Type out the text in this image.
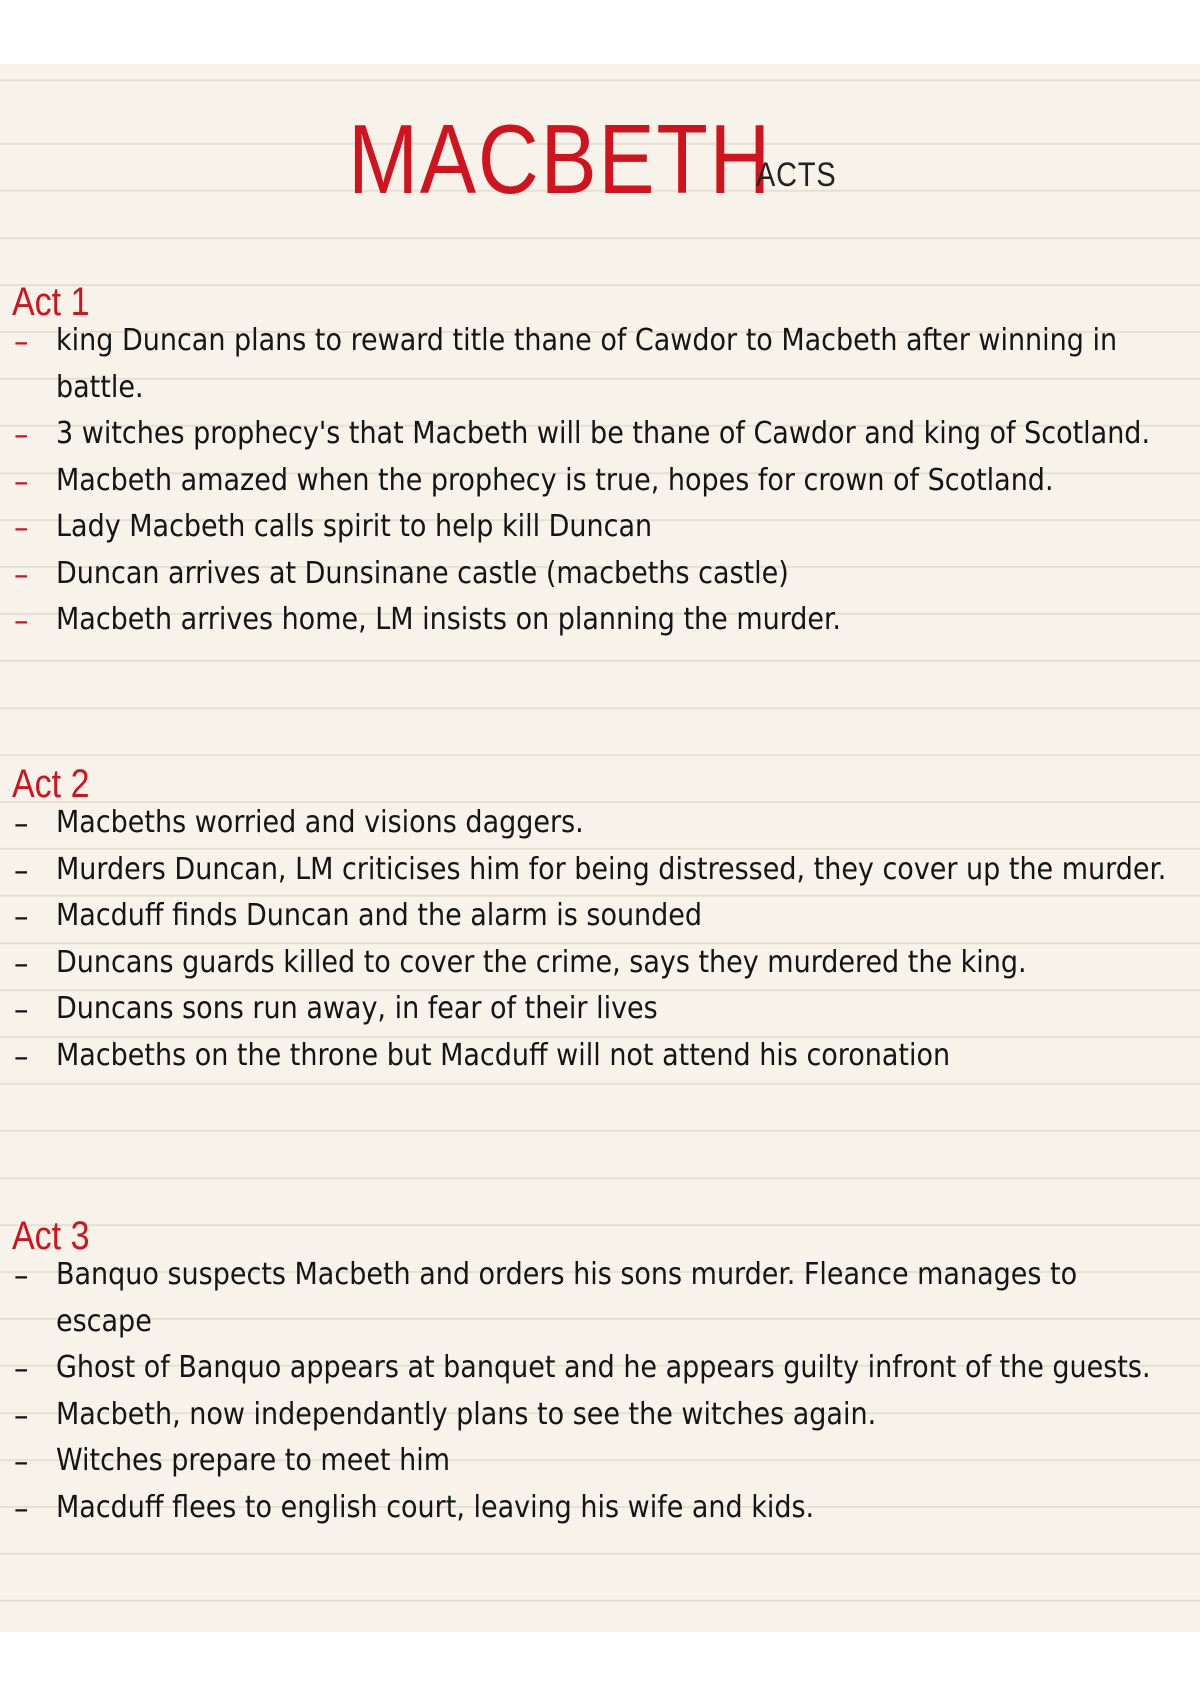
MACBETH
ACTS
Act 1
– king Duncan plans to reward title thane of Cawdor to Macbeth after winning in battle.
– 3 witches prophecy's that Macbeth will be thane of Cawdor and king of Scotland.
– Macbeth amazed when the prophecy is true, hopes for crown of Scotland.
– Lady Macbeth calls spirit to help kill Duncan
– Duncan arrives at Dunsinane castle (macbeths castle)
– Macbeth arrives home, LM insists on planning the murder.
Act 2
– Macbeths worried and visions daggers.
– Murders Duncan, LM criticises him for being distressed, they cover up the murder.
– Macduff finds Duncan and the alarm is sounded
– Duncans guards killed to cover the crime, says they murdered the king.
– Duncans sons run away, in fear of their lives
– Macbeths on the throne but Macduff will not attend his coronation
Act 3
– Banquo suspects Macbeth and orders his sons murder. Fleance manages to escape
– Ghost of Banquo appears at banquet and he appears guilty infront of the guests.
– Macbeth, now independantly plans to see the witches again.
– Witches prepare to meet him
– Macduff flees to english court, leaving his wife and kids.
